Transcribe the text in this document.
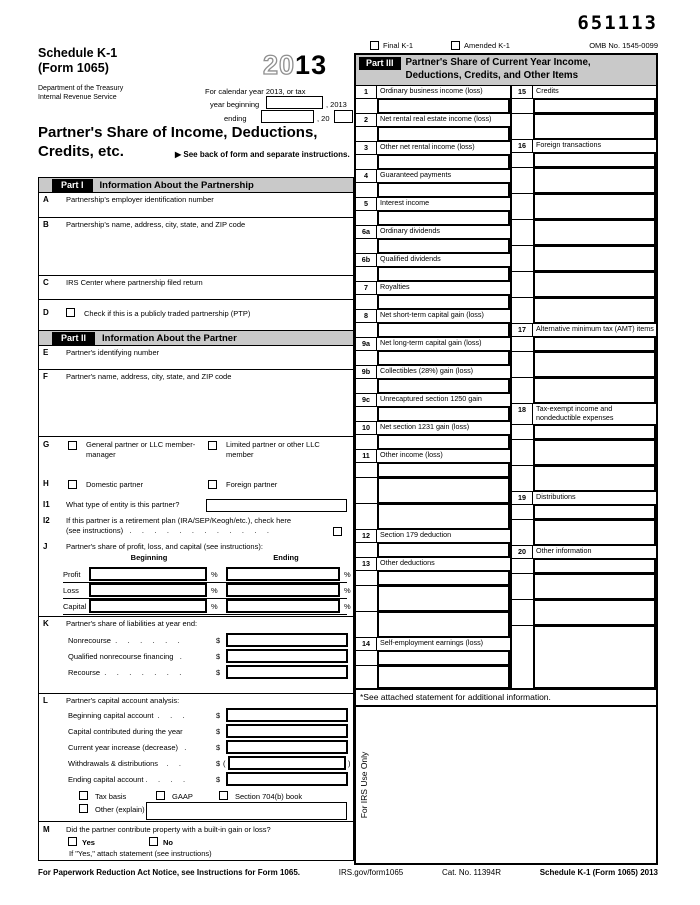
651113
Schedule K-1
(Form 1065)
Department of the Treasury
Internal Revenue Service
2013
For calendar year 2013, or tax
year beginning	, 2013
ending	, 20
Partner's Share of Income, Deductions,
Credits, etc.	▶ See back of form and separate instructions.
Part I	Information About the Partnership
A Partnership's employer identification number
B Partnership's name, address, city, state, and ZIP code
C IRS Center where partnership filed return
D	Check if this is a publicly traded partnership (PTP)
Part II	Information About the Partner
E Partner's identifying number
F Partner's name, address, city, state, and ZIP code
G	General partner or LLC member-manager
Limited partner or other LLC member
H	Domestic partner	Foreign partner
I1 What type of entity is this partner?
I2 If this partner is a retirement plan (IRA/SEP/Keogh/etc.), check here
(see instructions) .     .     .     .     .     .     .     .     .     .     .     .
J Partner's share of profit, loss, and capital (see instructions):
Beginning	Ending
Profit	%	%
Loss	%	%
Capital	%	%
K Partner's share of liabilities at year end:
Nonrecourse  .     .     .     .     .     .	$
Qualified nonrecourse financing   .	$
Recourse  .     .     .     .     .     .     .	$
L Partner's capital account analysis:
Beginning capital account  .     .     .	$
Capital contributed during the year	$
Current year increase (decrease)   .	$
Withdrawals & distributions    .     .	$ (	)
Ending capital account .     .     .     .	$
Tax basis	GAAP	Section 704(b) book
Other (explain)
M Did the partner contribute property with a built-in gain or loss?
Yes	No
If "Yes," attach statement (see instructions)
Final K-1	Amended K-1	OMB No. 1545-0099
Part III	Partner's Share of Current Year Income,
Deductions, Credits, and Other Items
1	Ordinary business income (loss)
2	Net rental real estate income (loss)
3	Other net rental income (loss)
4	Guaranteed payments
5	Interest income
6a	Ordinary dividends
6b	Qualified dividends
7	Royalties
8	Net short-term capital gain (loss)
9a	Net long-term capital gain (loss)
9b	Collectibles (28%) gain (loss)
9c	Unrecaptured section 1250 gain
10	Net section 1231 gain (loss)
11	Other income (loss)
12	Section 179 deduction
13	Other deductions
14	Self-employment earnings (loss)
15	Credits
16	Foreign transactions
17	Alternative minimum tax (AMT) items
18	Tax-exempt income and nondeductible expenses
19	Distributions
20	Other information
*See attached statement for additional information.
For IRS Use Only
For Paperwork Reduction Act Notice, see Instructions for Form 1065.	IRS.gov/form1065	Cat. No. 11394R	Schedule K-1 (Form 1065) 2013
